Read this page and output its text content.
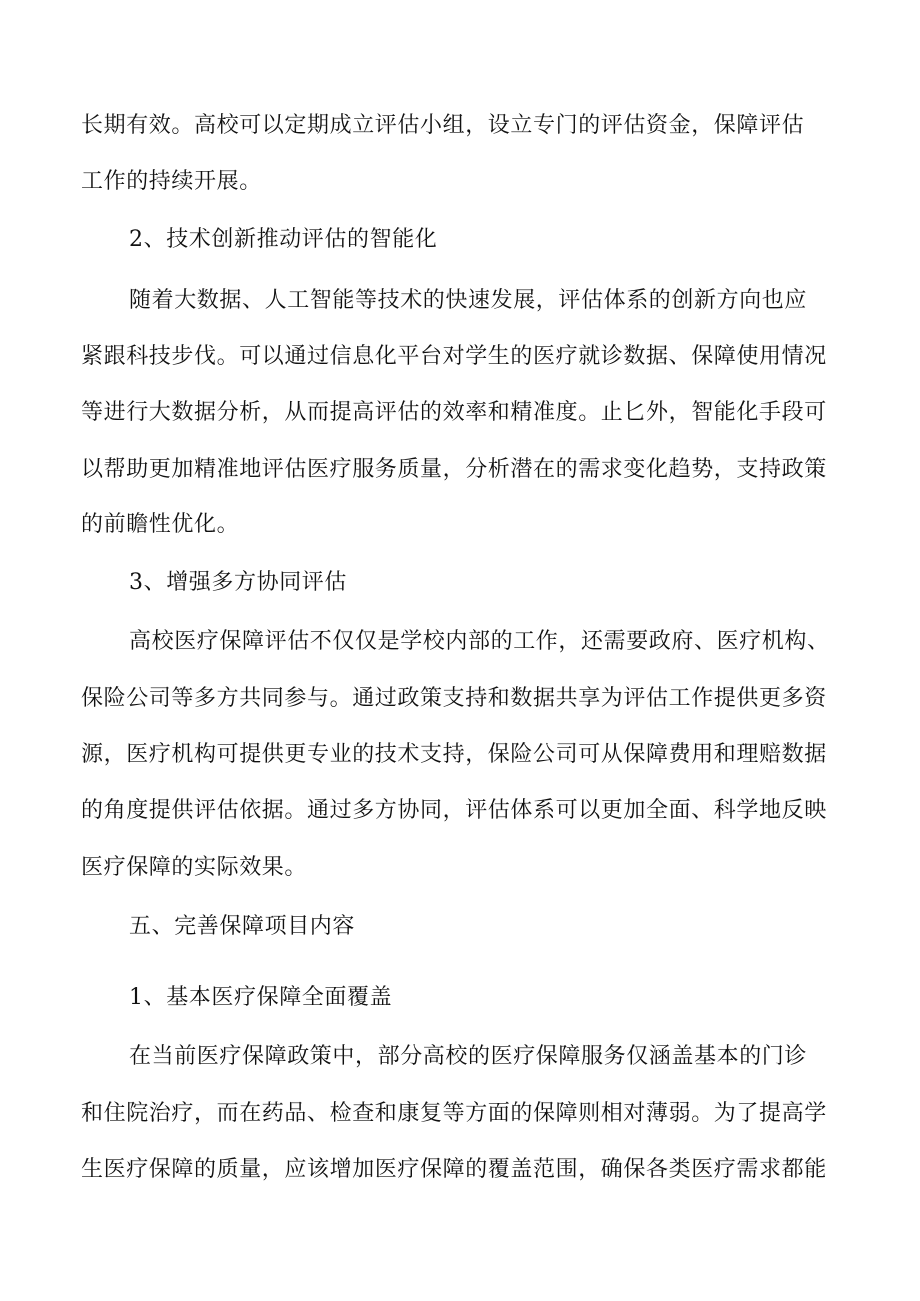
长期有效。高校可以定期成立评估小组，设立专门的评估资金，保障评估
工作的持续开展。
2、技术创新推动评估的智能化
随着大数据、人工智能等技术的快速发展，评估体系的创新方向也应
紧跟科技步伐。可以通过信息化平台对学生的医疗就诊数据、保障使用情况
等进行大数据分析，从而提高评估的效率和精准度。止匕外，智能化手段可
以帮助更加精准地评估医疗服务质量，分析潜在的需求变化趋势，支持政策
的前瞻性优化。
3、增强多方协同评估
高校医疗保障评估不仅仅是学校内部的工作，还需要政府、医疗机构、
保险公司等多方共同参与。通过政策支持和数据共享为评估工作提供更多资
源，医疗机构可提供更专业的技术支持，保险公司可从保障费用和理赔数据
的角度提供评估依据。通过多方协同，评估体系可以更加全面、科学地反映
医疗保障的实际效果。
五、完善保障项目内容
1、基本医疗保障全面覆盖
在当前医疗保障政策中，部分高校的医疗保障服务仅涵盖基本的门诊
和住院治疗，而在药品、检查和康复等方面的保障则相对薄弱。为了提高学
生医疗保障的质量，应该增加医疗保障的覆盖范围，确保各类医疗需求都能
